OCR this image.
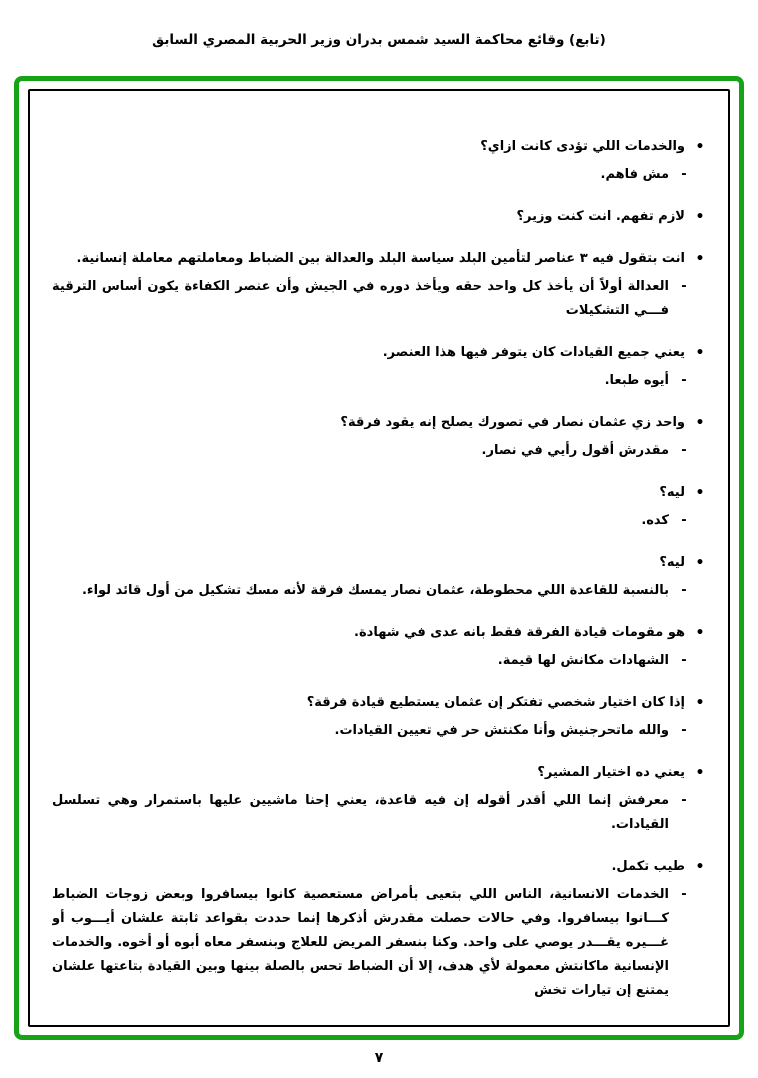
(تابع) وقائع محاكمة السيد شمس بدران وزير الحربية المصري السابق
•
والخدمات اللي تؤدى كانت ازاي؟
-
مش فاهم.
•
لازم تفهم. انت كنت وزير؟
•
انت بتقول فيه ٣ عناصر لتأمين البلد سياسة البلد والعدالة بين الضباط ومعاملتهم معاملة إنسانية.
-
العدالة أولاً أن يأخذ كل واحد حقه ويأخذ دوره في الجيش وأن عنصر الكفاءة يكون أساس الترقية فـــي التشكيلات
•
يعني جميع القيادات كان يتوفر فيها هذا العنصر.
-
أيوه طبعا.
•
واحد زي عثمان نصار في تصورك يصلح إنه يقود فرقة؟
-
مقدرش أقول رأيي في نصار.
•
ليه؟
-
كده.
•
ليه؟
-
بالنسبة للقاعدة اللي محطوطة، عثمان نصار يمسك فرقة لأنه مسك تشكيل من أول قائد لواء.
•
هو مقومات قيادة الفرقة فقط بانه عدى في شهادة.
-
الشهادات مكانش لها قيمة.
•
إذا كان اختيار شخصي تفتكر إن عثمان يستطيع قيادة فرقة؟
-
والله ماتحرجنيش وأنا مكنتش حر في تعيين القيادات.
•
يعني ده اختيار المشير؟
-
معرفش إنما اللي أقدر أقوله إن فيه قاعدة، يعني إحنا ماشيين عليها باستمرار وهي تسلسل القيادات.
•
طيب تكمل.
-
الخدمات الانسانية، الناس اللي بتعيى بأمراض مستعصية كانوا بيسافروا وبعض زوجات الضباط كـــانوا بيسافروا. وفي حالات حصلت مقدرش أذكرها إنما حددت بقواعد ثابتة علشان أيـــوب أو غـــيره يقـــدر يوصي على واحد. وكنا بنسفر المريض للعلاج وبنسفر معاه أبوه أو أخوه. والخدمات الإنسانية ماكانتش معمولة لأي هدف، إلا أن الضباط تحس بالصلة بينها وبين القيادة بتاعتها علشان يمتنع إن تيارات تخش
٧
